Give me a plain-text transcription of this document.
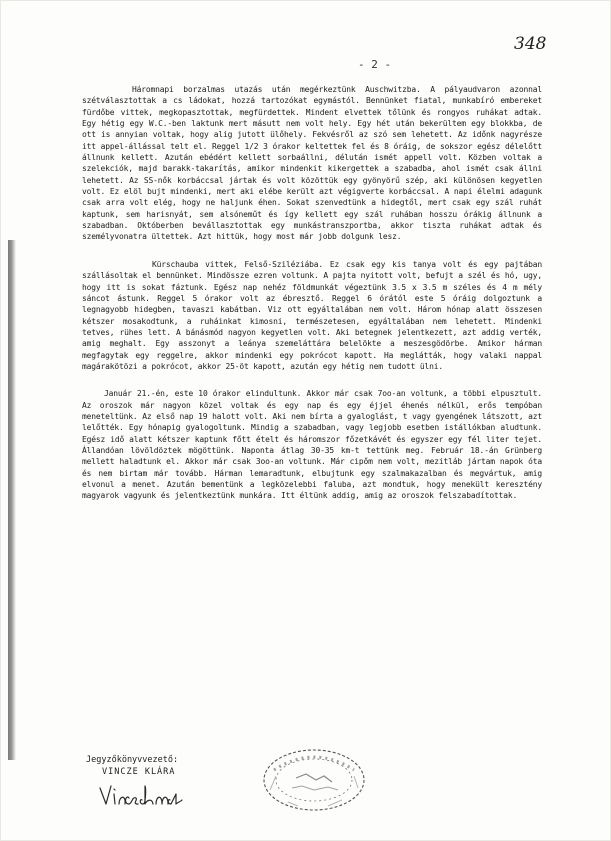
348
- 2 -

Háromnapi borzalmas utazás után megérkeztünk Auschwitzba. A pályaudvaron azonnal szétválasztottak a cs ládokat, hozzá tartozókat egymástól. Bennünket fiatal, munkabíró embereket fürdőbe vittek, megkopasztottak, megfürdettek. Mindent elvettek tőlünk és rongyos ruhákat adtak. Egy hétig egy W.C.-ben laktunk mert másutt nem volt hely. Egy hét után bekerültem egy blokkba, de ott is annyian voltak, hogy alig jutott ülőhely. Fekvésről az szó sem lehetett. Az időnk nagyrésze itt appel-állással telt el. Reggel 1/2 3 órakor keltettek fel és 8 óráig, de sokszor egész délelőtt állnunk kellett. Azután ebédért kellett sorbaállni, délután ismét appell volt. Közben voltak a szelekciók, majd barakk-takarítás, amikor mindenkit kikergettek a szabadba, ahol ismét csak állni lehetett. Az SS-nők korbáccsal jártak és volt közöttük egy gyönyörű szép, aki különösen kegyetlen volt. Ez elöl bujt mindenki, mert aki elébe került azt végigverte korbáccsal. A napi élelmi adagunk csak arra volt elég, hogy ne haljunk éhen. Sokat szenvedtünk a hidegtől, mert csak egy szál ruhát kaptunk, sem harisnyát, sem alsóneműt és így kellett egy szál ruhában hosszu órákig állnunk a szabadban. Októberben bevállasztottak egy munkástranszportba, akkor tiszta ruhákat adtak és személyvonatra ültettek. Azt hittük, hogy most már jobb dolgunk lesz.

Kürschauba vittek, Felső-Sziléziába. Ez csak egy kis tanya volt és egy pajtában szállásoltak el bennünket. Mindössze ezren voltunk. A pajta nyitott volt, befujt a szél és hó, ugy, hogy itt is sokat fáztunk. Egész nap nehéz földmunkát végeztünk 3.5 x 3.5 m széles és 4 m mély sáncot ástunk. Reggel 5 órakor volt az ébresztő. Reggel 6 órától este 5 óráig dolgoztunk a legnagyobb hidegben, tavaszi kabátban. Viz ott egyáltalában nem volt. Három hónap alatt összesen kétszer mosakodtunk, a ruháinkat kimosni, természetesen, egyáltalában nem lehetett. Mindenki tetves, rühes lett. A bánásmód nagyon kegyetlen volt. Aki betegnek jelentkezett, azt addig verték, amig meghalt. Egy asszonyt a leánya szemeláttára belelökte a meszesgödörbe. Amikor hárman megfagytak egy reggelre, akkor mindenki egy pokrócot kapott. Ha meglátták, hogy valaki nappal magárakötözi a pokrócot, akkor 25-öt kapott, azután egy hétig nem tudott ülni.

Január 21.-én, este 10 órakor elindultunk. Akkor már csak 7oo-an voltunk, a többi elpusztult. Az oroszok már nagyon közel voltak és egy nap és egy éjjel éhenés nélkül, erős tempóban meneteltünk. Az első nap 19 halott volt. Aki nem bírta a gyaloglást, t vagy gyengének látszott, azt lelőtték. Egy hónapig gyalogoltunk. Mindig a szabadban, vagy legjobb esetben istállókban aludtunk. Egész idő alatt kétszer kaptunk főtt ételt és háromszor főzetkávét és egyszer egy fél liter tejet. Állandóan lövöldöztek mögöttünk. Naponta átlag 30-35 km-t tettünk meg. Február 18.-án Grünberg mellett haladtunk el. Akkor már csak 3oo-an voltunk. Már cipőm nem volt, mezitláb jártam napok óta és nem birtam már tovább. Hárman lemaradtunk, elbujtunk egy szalmakazalban és megvártuk, amig elvonul a menet. Azután bementünk a legközelebbi faluba, azt mondtuk, hogy menekült keresztény magyarok vagyunk és jelentkeztünk munkára. Itt éltünk addig, amig az oroszok felszabadítottak.

Jegyzőkönyvvezető:
VINCZE KLÁRA
